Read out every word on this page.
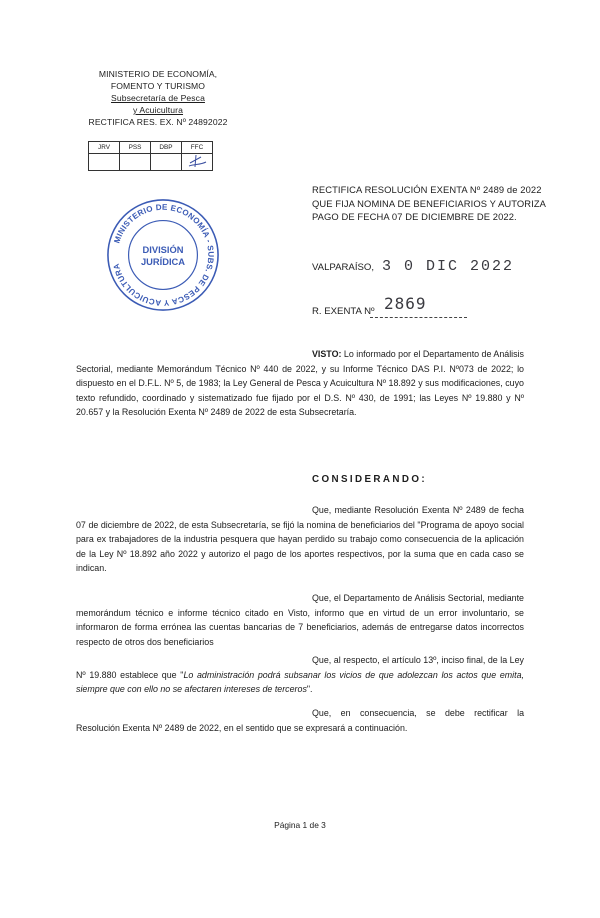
MINISTERIO DE ECONOMÍA,
FOMENTO Y TURISMO
Subsecretaría de Pesca
y Acuicultura
RECTIFICA RES. EX. Nº 24892022
JRV	PSS	DBP	FFC

RECTIFICA RESOLUCIÓN EXENTA Nº 2489 de 2022
QUE FIJA NOMINA DE BENEFICIARIOS Y AUTORIZA
PAGO DE FECHA 07 DE DICIEMBRE DE 2022.
MINISTERIO DE ECONOMÍA - SUBS. DE PESCA Y ACUICULTURA
DIVISIÓN
JURÍDICA
VALPARAÍSO, 3 0 DIC 2022
R. EXENTA Nº 2869
VISTO: Lo informado por el Departamento de Análisis Sectorial, mediante Memorándum Técnico Nº 440 de 2022, y su Informe Técnico DAS P.I. Nº073 de 2022; lo dispuesto en el D.F.L. Nº 5, de 1983; la Ley General de Pesca y Acuicultura Nº 18.892 y sus modificaciones, cuyo texto refundido, coordinado y sistematizado fue fijado por el D.S. Nº 430, de 1991; las Leyes Nº 19.880 y Nº 20.657 y la Resolución Exenta Nº 2489 de 2022 de esta Subsecretaría.
CONSIDERANDO:
Que, mediante Resolución Exenta Nº 2489 de fecha 07 de diciembre de 2022, de esta Subsecretaría, se fijó la nomina de beneficiarios del "Programa de apoyo social para ex trabajadores de la industria pesquera que hayan perdido su trabajo como consecuencia de la aplicación de la Ley Nº 18.892 año 2022 y autorizo el pago de los aportes respectivos, por la suma que en cada caso se indican.
Que, el Departamento de Análisis Sectorial, mediante memorándum técnico e informe técnico citado en Visto, informo que en virtud de un error involuntario, se informaron de forma errónea las cuentas bancarias de 7 beneficiarios, además de entregarse datos incorrectos respecto de otros dos beneficiarios
Que, al respecto, el artículo 13º, inciso final, de la Ley Nº 19.880 establece que "Lo administración podrá subsanar los vicios de que adolezcan los actos que emita, siempre que con ello no se afectaren intereses de terceros".
Que, en consecuencia, se debe rectificar la Resolución Exenta Nº 2489 de 2022, en el sentido que se expresará a continuación.
Página 1 de 3
